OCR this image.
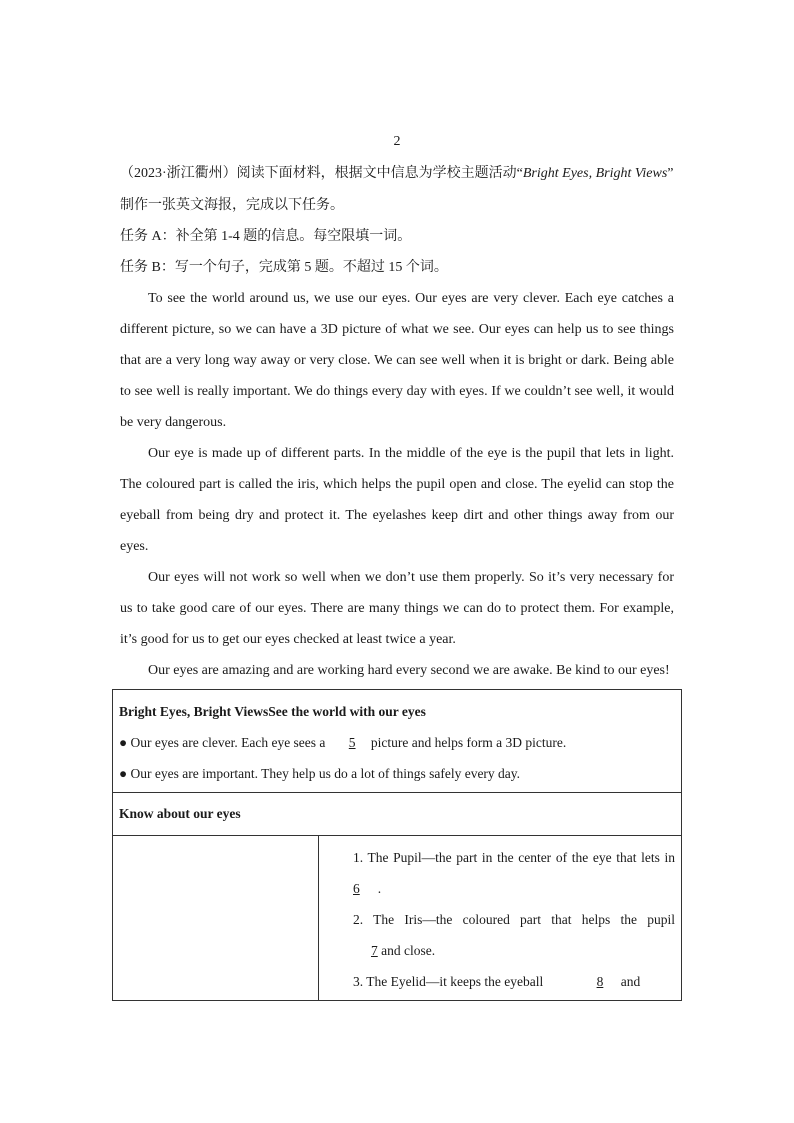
2
（2023·浙江衢州）阅读下面材料，根据文中信息为学校主题活动“Bright Eyes, Bright Views”
制作一张英文海报，完成以下任务。
任务 A：补全第 1-4 题的信息。每空限填一词。
任务 B：写一个句子，完成第 5 题。不超过 15 个词。

To see the world around us, we use our eyes. Our eyes are very clever. Each eye catches a different picture, so we can have a 3D picture of what we see. Our eyes can help us to see things that are a very long way away or very close. We can see well when it is bright or dark. Being able to see well is really important. We do things every day with eyes. If we couldn’t see well, it would be very dangerous.

Our eye is made up of different parts. In the middle of the eye is the pupil that lets in light. The coloured part is called the iris, which helps the pupil open and close. The eyelid can stop the eyeball from being dry and protect it. The eyelashes keep dirt and other things away from our eyes.

Our eyes will not work so well when we don’t use them properly. So it’s very necessary for us to take good care of our eyes. There are many things we can do to protect them. For example, it’s good for us to get our eyes checked at least twice a year.

Our eyes are amazing and are working hard every second we are awake. Be kind to our eyes!

Bright Eyes, Bright ViewsSee the world with our eyes
● Our eyes are clever. Each eye sees a 5 picture and helps form a 3D picture.
● Our eyes are important. They help us do a lot of things safely every day.

Know about our eyes

1. The Pupil—the part in the center of the eye that lets in 6 .

2. The Iris—the coloured part that helps the pupil 7 and close.

3. The Eyelid—it keeps the eyeball	8 and
